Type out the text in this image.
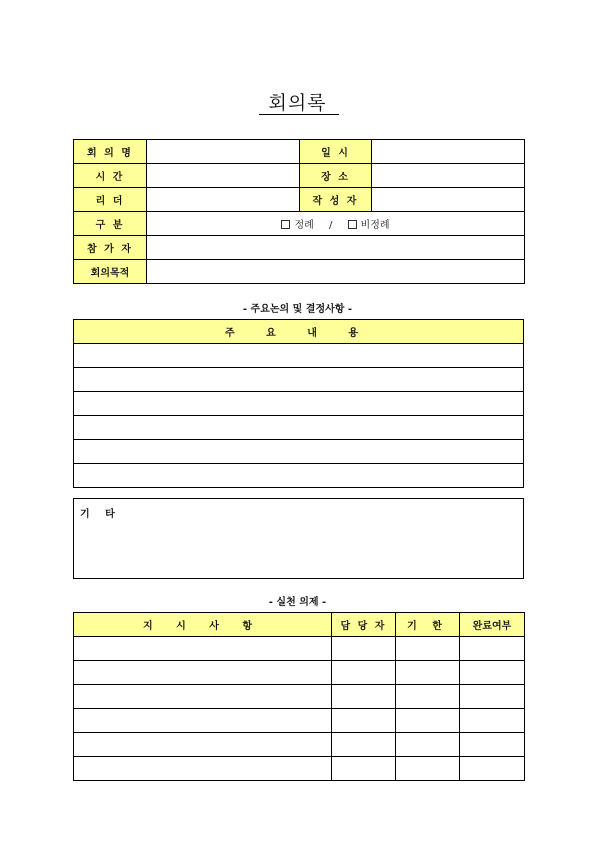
회의록
회 의 명		일 시	
시 간		장 소	
리 더		작 성 자	
구 분	정례 / 비정례		
참 가 자			
회의목적			
- 주요논의 및 결정사항 -
주 요 내 용

기 타
- 실천 의제 -
지 시 사 항	담 당 자	기 한	완료여부
